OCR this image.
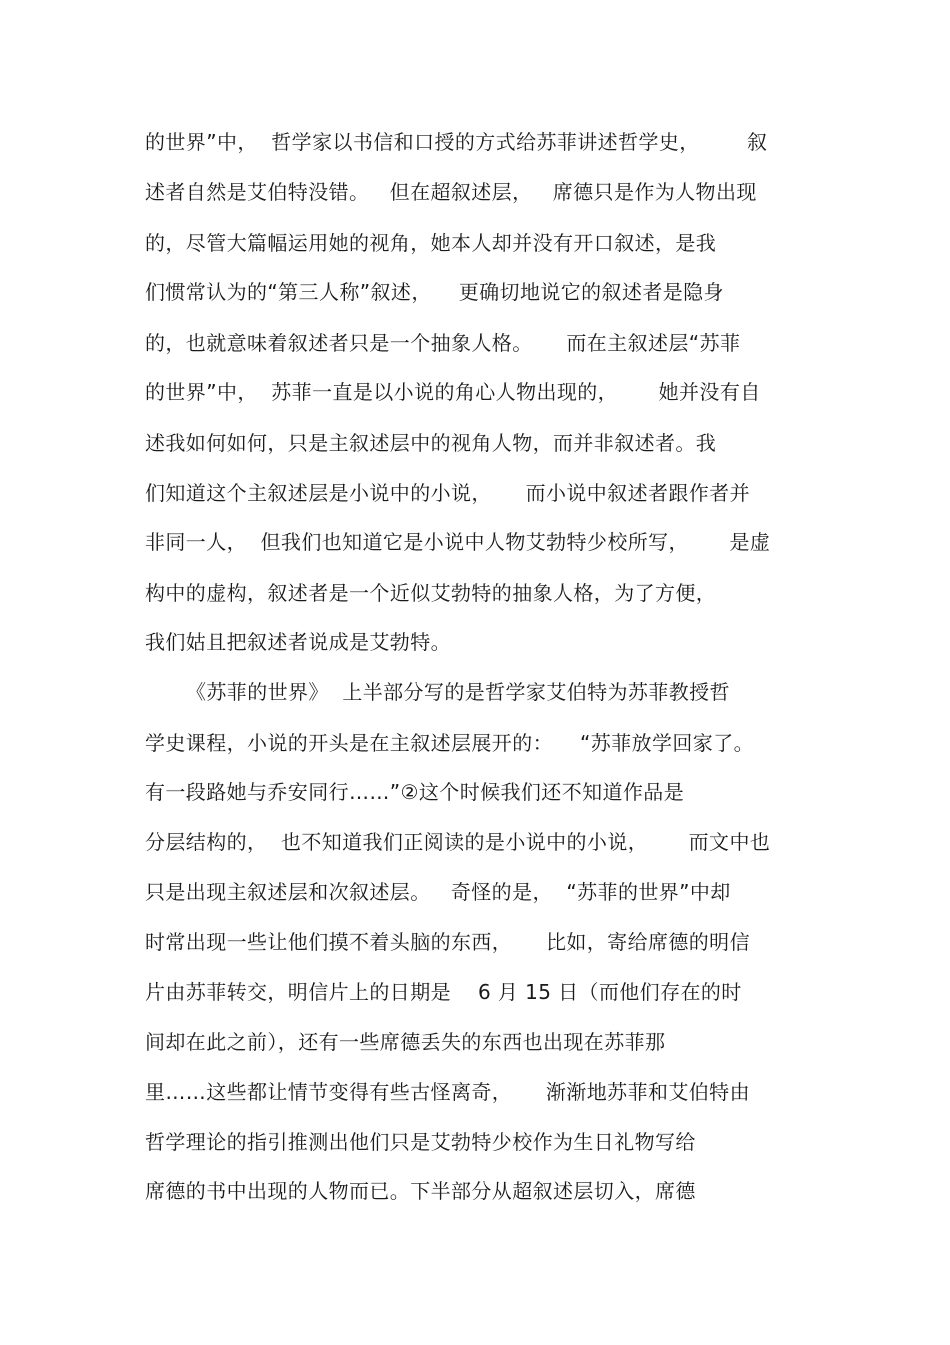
的世界”中，  哲学家以书信和口授的方式给苏菲讲述哲学史，       叙
述者自然是艾伯特没错。   但在超叙述层，   席德只是作为人物出现
的，尽管大篇幅运用她的视角，她本人却并没有开口叙述，是我
们惯常认为的“第三人称”叙述，    更确切地说它的叙述者是隐身
的，也就意味着叙述者只是一个抽象人格。     而在主叙述层“苏菲
的世界”中，  苏菲一直是以小说的角心人物出现的，      她并没有自
述我如何如何，只是主叙述层中的视角人物，而并非叙述者。我
们知道这个主叙述层是小说中的小说，     而小说中叙述者跟作者并
非同一人，  但我们也知道它是小说中人物艾勃特少校所写，      是虚
构中的虚构，叙述者是一个近似艾勃特的抽象人格，为了方便，
我们姑且把叙述者说成是艾勃特。
《苏菲的世界》  上半部分写的是哲学家艾伯特为苏菲教授哲
学史课程，小说的开头是在主叙述层展开的：    “苏菲放学回家了。
有一段路她与乔安同行……”②这个时候我们还不知道作品是
分层结构的，  也不知道我们正阅读的是小说中的小说，      而文中也
只是出现主叙述层和次叙述层。   奇怪的是，  “苏菲的世界”中却
时常出现一些让他们摸不着头脑的东西，     比如，寄给席德的明信
片由苏菲转交，明信片上的日期是    6 月 15 日（而他们存在的时
间却在此之前），还有一些席德丢失的东西也出现在苏菲那
里……这些都让情节变得有些古怪离奇，     渐渐地苏菲和艾伯特由
哲学理论的指引推测出他们只是艾勃特少校作为生日礼物写给
席德的书中出现的人物而已。下半部分从超叙述层切入，席德
